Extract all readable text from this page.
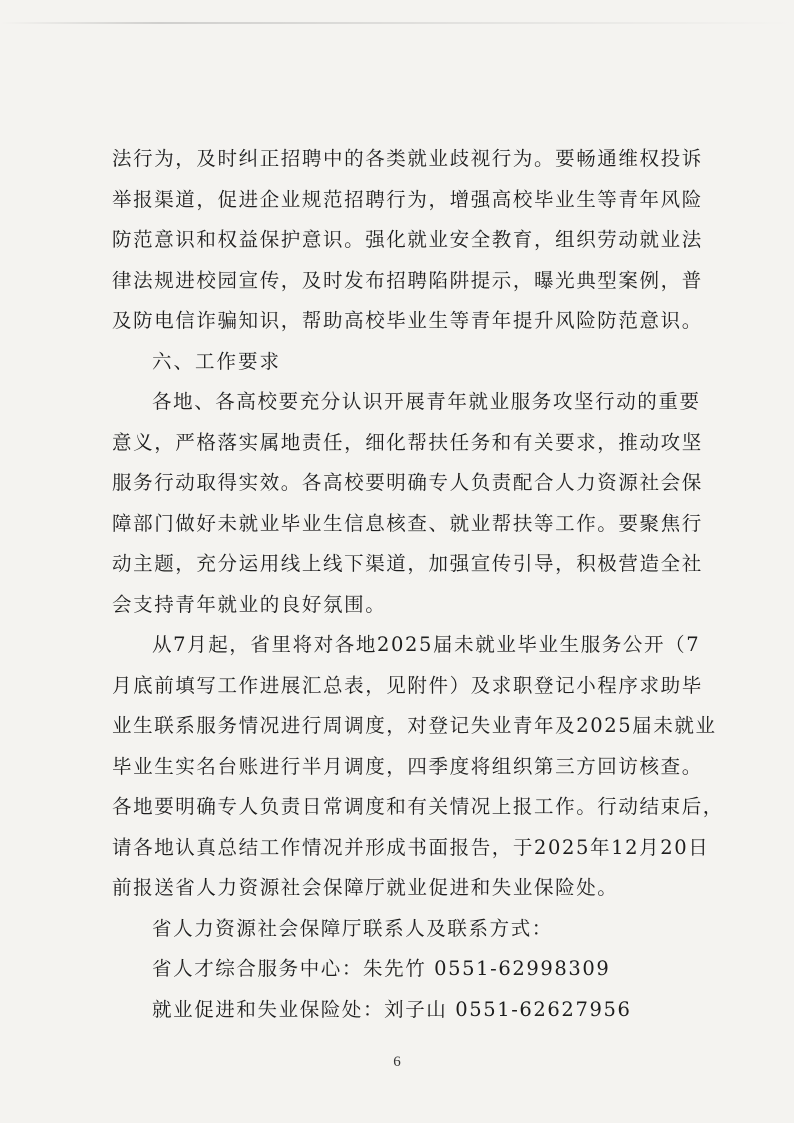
法行为，及时纠正招聘中的各类就业歧视行为。要畅通维权投诉
举报渠道，促进企业规范招聘行为，增强高校毕业生等青年风险
防范意识和权益保护意识。强化就业安全教育，组织劳动就业法
律法规进校园宣传，及时发布招聘陷阱提示，曝光典型案例，普
及防电信诈骗知识，帮助高校毕业生等青年提升风险防范意识。
六、工作要求
各地、各高校要充分认识开展青年就业服务攻坚行动的重要
意义，严格落实属地责任，细化帮扶任务和有关要求，推动攻坚
服务行动取得实效。各高校要明确专人负责配合人力资源社会保
障部门做好未就业毕业生信息核查、就业帮扶等工作。要聚焦行
动主题，充分运用线上线下渠道，加强宣传引导，积极营造全社
会支持青年就业的良好氛围。
从7月起，省里将对各地2025届未就业毕业生服务公开（7
月底前填写工作进展汇总表，见附件）及求职登记小程序求助毕
业生联系服务情况进行周调度，对登记失业青年及2025届未就业
毕业生实名台账进行半月调度，四季度将组织第三方回访核查。
各地要明确专人负责日常调度和有关情况上报工作。行动结束后，
请各地认真总结工作情况并形成书面报告，于2025年12月20日
前报送省人力资源社会保障厅就业促进和失业保险处。
省人力资源社会保障厅联系人及联系方式：
省人才综合服务中心：朱先竹 0551-62998309
就业促进和失业保险处：刘子山 0551-62627956
6
